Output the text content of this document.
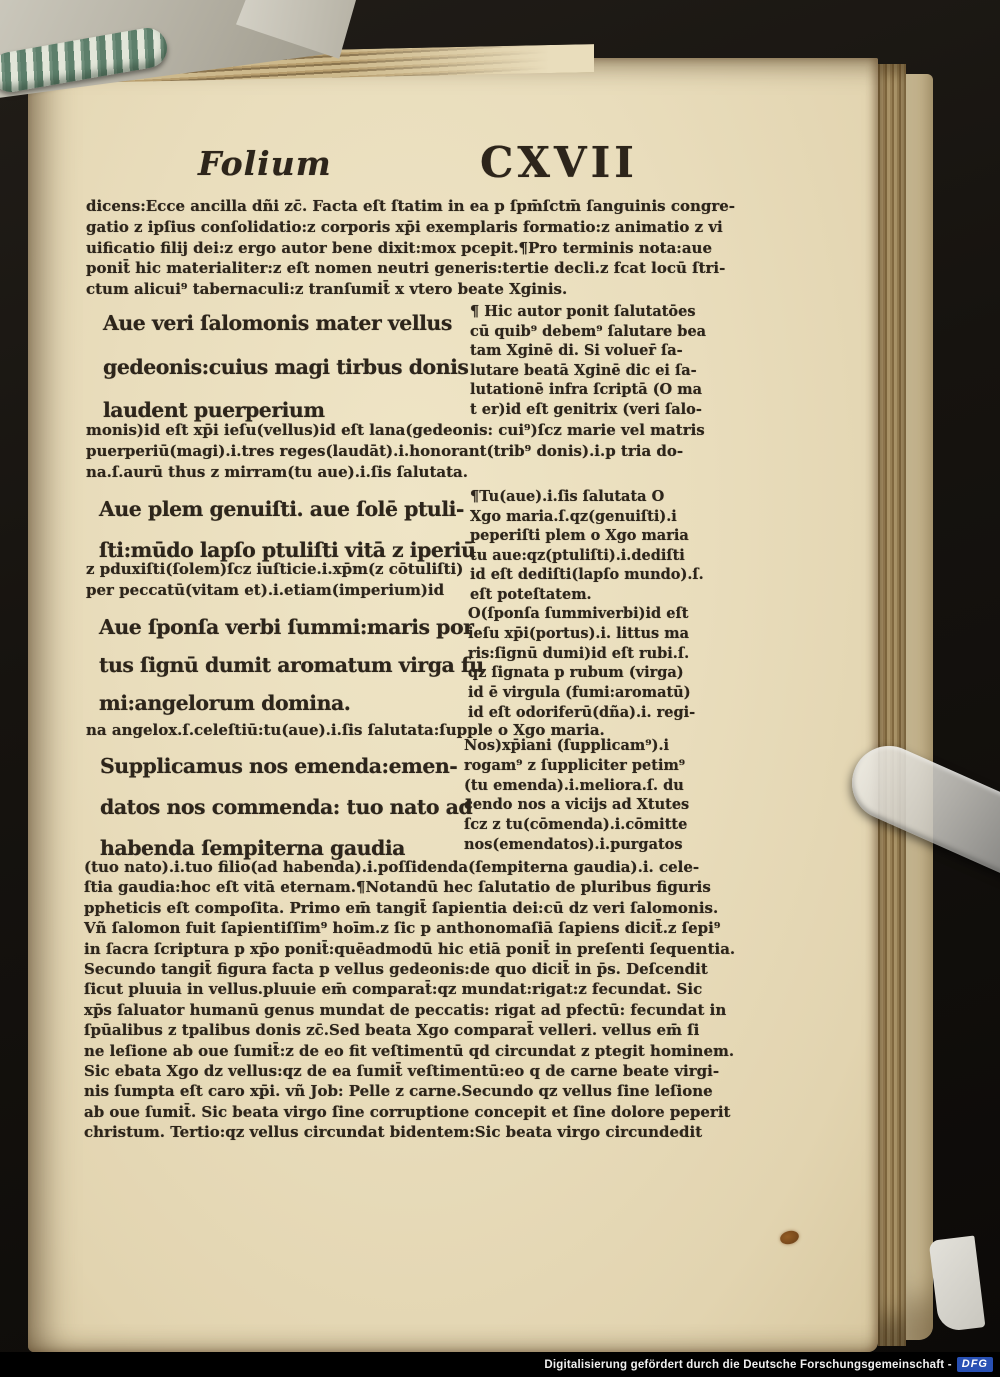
Folium	CXVII
dicens:Ecce ancilla dñi zc̄. Facta eſt ſtatim in ea p ſpm̄ſctm̄ ſanguinis congre-
gatio z ipſius conſolidatio:z corporis xp̄i exemplaris formatio:z animatio z vi
uificatio filij dei:z ergo autor bene dixit:mox pcepit.¶Pro terminis nota:aue
ponit̄ hic materialiter:z eſt nomen neutri generis:tertie decli.z fcat locū ſtri-
ctum alicui⁹ tabernaculi:z tranſumit̄ x vtero beate Xginis.
Aue veri ſalomonis mater vellus
gedeonis:cuius magi tirbus donis
laudent puerperium
¶ Hic autor ponit ſalutatōes
cū quib⁹ debem⁹ ſalutare bea
tam Xginē di. Si voluer̄ ſa-
lutare beatā Xginē dic ei ſa-
lutationē infra ſcriptā (O ma
t er)id eſt genitrix (veri ſalo-
monis)id eſt xp̄i ieſu(vellus)id eſt lana(gedeonis: cui⁹)ſcz marie vel matris
puerperiū(magi).i.tres reges(laudāt).i.honorant(trib⁹ donis).i.p tria do-
na.ſ.aurū thus z mirram(tu aue).i.ſis ſalutata.
Aue plem genuiſti. aue ſolē ptuli-
ſti:mūdo lapſo ptuliſti vitā z iperiū
z pduxiſti(ſolem)ſcz iuſticie.i.xp̄m(z cōtuliſti)
per peccatū(vitam et).i.etiam(imperium)id
¶Tu(aue).i.ſis ſalutata O
Xgo maria.ſ.qz(genuiſti).i
peperiſti plem o Xgo maria
tu aue:qz(ptuliſti).i.dediſti
id eſt dediſti(lapſo mundo).ſ.
eſt poteſtatem.
Aue ſponſa verbi ſummi:maris por
tus ſignū dumit aromatum virga fu
mi:angelorum domina.
O(ſponſa ſummiverbi)id eſt
ieſu xp̄i(portus).i. littus ma
ris:ſignū dumi)id eſt rubi.ſ.
qz ſignata p rubum (virga)
id ē virgula (fumi:aromatū)
id eſt odoriferū(dña).i. regi-
na angelox.ſ.celeſtiū:tu(aue).i.ſis ſalutata:ſupple o Xgo maria.
Supplicamus nos emenda:emen-
datos nos commenda: tuo nato ad
habenda ſempiterna gaudia
Nos)xp̄iani (ſupplicam⁹).i
rogam⁹ z ſuppliciter petim⁹
(tu emenda).i.meliora.ſ. du
cendo nos a vicijs ad Xtutes
ſcz z tu(cōmenda).i.cōmitte
nos(emendatos).i.purgatos
(tuo nato).i.tuo filio(ad habenda).i.poſſidenda(ſempiterna gaudia).i. cele-
ſtia gaudia:hoc eſt vitā eternam.¶Notandū hec ſalutatio de pluribus figuris
ppheticis eſt compoſita. Primo em̄ tangit̄ ſapientia dei:cū dz veri ſalomonis.
Vñ ſalomon fuit ſapientiſſim⁹ hoīm.z ſic p anthonomaſiā ſapiens dicit̄.z ſepi⁹
in ſacra ſcriptura p xp̄o ponit̄:quēadmodū hic etiā ponit̄ in preſenti ſequentia.
Secundo tangit̄ figura facta p vellus gedeonis:de quo dicit̄ in p̄s. Deſcendit
ſicut pluuia in vellus.pluuie em̄ comparat̄:qz mundat:rigat:z fecundat. Sic
xp̄s ſaluator humanū genus mundat de peccatis: rigat ad pfectū: fecundat in
ſpūalibus z tpalibus donis zc̄.Sed beata Xgo comparat̄ velleri. vellus em̄ ſi
ne leſione ab oue ſumit̄:z de eo fit veſtimentū qd circundat z ptegit hominem.
Sic ebata Xgo dz vellus:qz de ea ſumit̄ veſtimentū:eo q de carne beate virgi-
nis ſumpta eſt caro xp̄i. vñ Job: Pelle z carne.Secundo qz vellus ſine leſione
ab oue ſumit̄. Sic beata virgo ſine corruptione concepit et ſine dolore peperit
christum. Tertio:qz vellus circundat bidentem:Sic beata virgo circundedit
Digitalisierung gefördert durch die Deutsche Forschungsgemeinschaft - DFG
